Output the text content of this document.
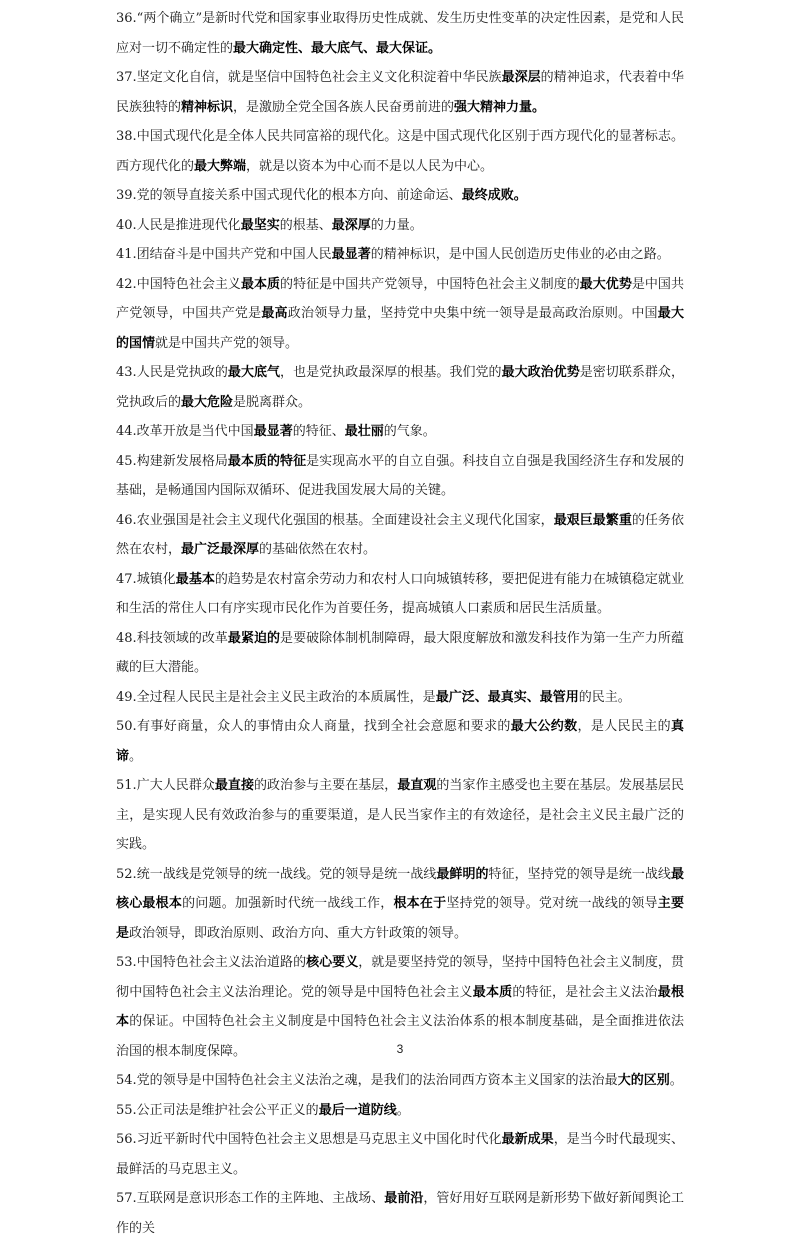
36.“两个确立”是新时代党和国家事业取得历史性成就、发生历史性变革的决定性因素，是党和人民应对一切不确定性的最大确定性、最大底气、最大保证。

37.坚定文化自信，就是坚信中国特色社会主义文化积淀着中华民族最深层的精神追求，代表着中华民族独特的精神标识，是激励全党全国各族人民奋勇前进的强大精神力量。

38.中国式现代化是全体人民共同富裕的现代化。这是中国式现代化区别于西方现代化的显著标志。西方现代化的最大弊端，就是以资本为中心而不是以人民为中心。

39.党的领导直接关系中国式现代化的根本方向、前途命运、最终成败。

40.人民是推进现代化最坚实的根基、最深厚的力量。

41.团结奋斗是中国共产党和中国人民最显著的精神标识，是中国人民创造历史伟业的必由之路。

42.中国特色社会主义最本质的特征是中国共产党领导，中国特色社会主义制度的最大优势是中国共产党领导，中国共产党是最高政治领导力量，坚持党中央集中统一领导是最高政治原则。中国最大的国情就是中国共产党的领导。

43.人民是党执政的最大底气，也是党执政最深厚的根基。我们党的最大政治优势是密切联系群众，党执政后的最大危险是脱离群众。

44.改革开放是当代中国最显著的特征、最壮丽的气象。

45.构建新发展格局最本质的特征是实现高水平的自立自强。科技自立自强是我国经济生存和发展的基础，是畅通国内国际双循环、促进我国发展大局的关键。

46.农业强国是社会主义现代化强国的根基。全面建设社会主义现代化国家，最艰巨最繁重的任务依然在农村，最广泛最深厚的基础依然在农村。

47.城镇化最基本的趋势是农村富余劳动力和农村人口向城镇转移，要把促进有能力在城镇稳定就业和生活的常住人口有序实现市民化作为首要任务，提高城镇人口素质和居民生活质量。

48.科技领域的改革最紧迫的是要破除体制机制障碍，最大限度解放和激发科技作为第一生产力所蕴藏的巨大潜能。

49.全过程人民民主是社会主义民主政治的本质属性，是最广泛、最真实、最管用的民主。

50.有事好商量，众人的事情由众人商量，找到全社会意愿和要求的最大公约数，是人民民主的真谛。

51.广大人民群众最直接的政治参与主要在基层，最直观的当家作主感受也主要在基层。发展基层民主，是实现人民有效政治参与的重要渠道，是人民当家作主的有效途径，是社会主义民主最广泛的实践。

52.统一战线是党领导的统一战线。党的领导是统一战线最鲜明的特征，坚持党的领导是统一战线最核心最根本的问题。加强新时代统一战线工作，根本在于坚持党的领导。党对统一战线的领导主要是政治领导，即政治原则、政治方向、重大方针政策的领导。

53.中国特色社会主义法治道路的核心要义，就是要坚持党的领导，坚持中国特色社会主义制度，贯彻中国特色社会主义法治理论。党的领导是中国特色社会主义最本质的特征，是社会主义法治最根本的保证。中国特色社会主义制度是中国特色社会主义法治体系的根本制度基础，是全面推进依法治国的根本制度保障。

54.党的领导是中国特色社会主义法治之魂，是我们的法治同西方资本主义国家的法治最大的区别。

55.公正司法是维护社会公平正义的最后一道防线。

56.习近平新时代中国特色社会主义思想是马克思主义中国化时代化最新成果，是当今时代最现实、最鲜活的马克思主义。

57.互联网是意识形态工作的主阵地、主战场、最前沿，管好用好互联网是新形势下做好新闻舆论工作的关

3
